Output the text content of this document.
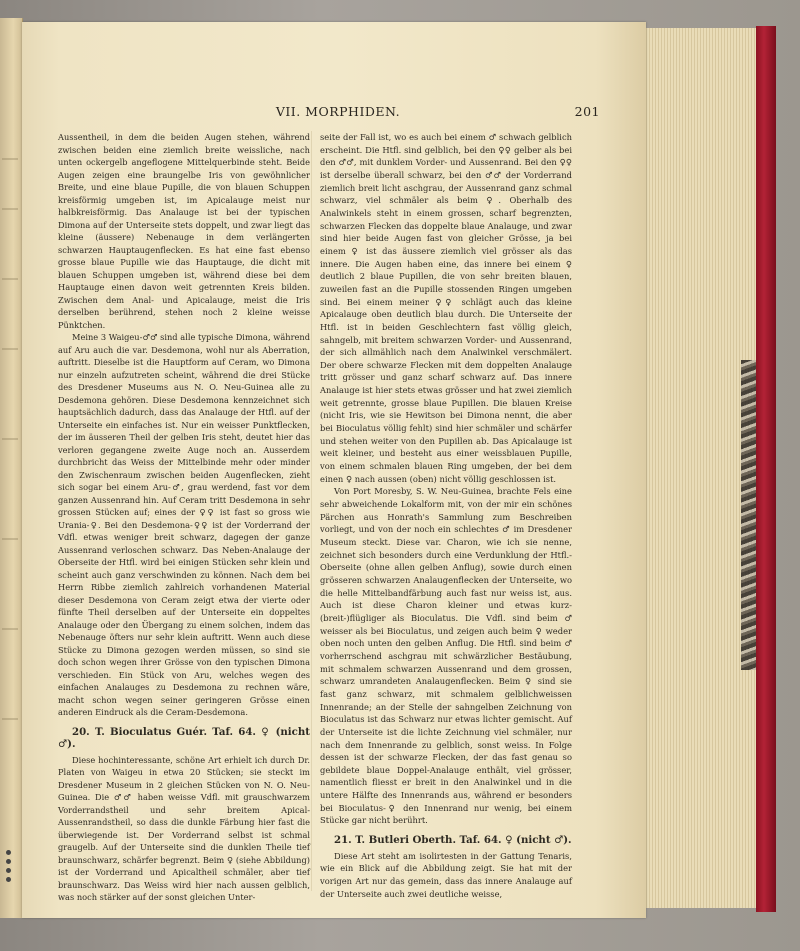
VII. MORPHIDEN.	201

Aussentheil, in dem die beiden Augen stehen, während zwischen beiden eine ziemlich breite weissliche, nach unten ockergelb angeflogene Mittelquerbinde steht. Beide Augen zeigen eine braungelbe Iris von gewöhnlicher Breite, und eine blaue Pupille, die von blauen Schuppen kreisförmig umgeben ist, im Apicalauge meist nur halbkreisförmig. Das Analauge ist bei der typischen Dimona auf der Unterseite stets doppelt, und zwar liegt das kleine (äussere) Nebenauge in dem verlängerten schwarzen Hauptaugenflecken. Es hat eine fast ebenso grosse blaue Pupille wie das Hauptauge, die dicht mit blauen Schuppen umgeben ist, während diese bei dem Hauptauge einen davon weit getrennten Kreis bilden. Zwischen dem Anal- und Apicalauge, meist die Iris derselben berührend, stehen noch 2 kleine weisse Pünktchen.

Meine 3 Waigeu-♂♂ sind alle typische Dimona, während auf Aru auch die var. Desdemona, wohl nur als Aberration, auftritt. Dieselbe ist die Hauptform auf Ceram, wo Dimona nur einzeln aufzutreten scheint, während die drei Stücke des Dresdener Museums aus N. O. Neu-Guinea alle zu Desdemona gehören. Diese Desdemona kennzeichnet sich hauptsächlich dadurch, dass das Analauge der Htfl. auf der Unterseite ein einfaches ist. Nur ein weisser Punktflecken, der im äusseren Theil der gelben Iris steht, deutet hier das verloren gegangene zweite Auge noch an. Ausserdem durchbricht das Weiss der Mittelbinde mehr oder minder den Zwischenraum zwischen beiden Augenflecken, zieht sich sogar bei einem Aru-♂, grau werdend, fast vor dem ganzen Aussenrand hin. Auf Ceram tritt Desdemona in sehr grossen Stücken auf; eines der ♀♀ ist fast so gross wie Urania-♀. Bei den Desdemona-♀♀ ist der Vorderrand der Vdfl. etwas weniger breit schwarz, dagegen der ganze Aussenrand verloschen schwarz. Das Neben-Analauge der Oberseite der Htfl. wird bei einigen Stücken sehr klein und scheint auch ganz verschwinden zu können. Nach dem bei Herrn Ribbe ziemlich zahlreich vorhandenen Material dieser Desdemona von Ceram zeigt etwa der vierte oder fünfte Theil derselben auf der Unterseite ein doppeltes Analauge oder den Übergang zu einem solchen, indem das Nebenauge öfters nur sehr klein auftritt. Wenn auch diese Stücke zu Dimona gezogen werden müssen, so sind sie doch schon wegen ihrer Grösse von den typischen Dimona verschieden. Ein Stück von Aru, welches wegen des einfachen Analauges zu Desdemona zu rechnen wäre, macht schon wegen seiner geringeren Grösse einen anderen Eindruck als die Ceram-Desdemona.

20. T. Bioculatus Guér. Taf. 64. ♀ (nicht ♂).

Diese hochinteressante, schöne Art erhielt ich durch Dr. Platen von Waigeu in etwa 20 Stücken; sie steckt im Dresdener Museum in 2 gleichen Stücken von N. O. Neu-Guinea. Die ♂♂ haben weisse Vdfl. mit grauschwarzem Vorderrandstheil und sehr breitem Apical-Aussenrandstheil, so dass die dunkle Färbung hier fast die überwiegende ist. Der Vorderrand selbst ist schmal graugelb. Auf der Unterseite sind die dunklen Theile tief braunschwarz, schärfer begrenzt. Beim ♀ (siehe Abbildung) ist der Vorderrand und Apicaltheil schmäler, aber tief braunschwarz. Das Weiss wird hier nach aussen gelblich, was noch stärker auf der sonst gleichen Unter-

seite der Fall ist, wo es auch bei einem ♂ schwach gelblich erscheint. Die Htfl. sind gelblich, bei den ♀♀ gelber als bei den ♂♂, mit dunklem Vorder- und Aussenrand. Bei den ♀♀ ist derselbe überall schwarz, bei den ♂♂ der Vorderrand ziemlich breit licht aschgrau, der Aussenrand ganz schmal schwarz, viel schmäler als beim ♀. Oberhalb des Analwinkels steht in einem grossen, scharf begrenzten, schwarzen Flecken das doppelte blaue Analauge, und zwar sind hier beide Augen fast von gleicher Grösse, ja bei einem ♀ ist das äussere ziemlich viel grösser als das innere. Die Augen haben eine, das innere bei einem ♀ deutlich 2 blaue Pupillen, die von sehr breiten blauen, zuweilen fast an die Pupille stossenden Ringen umgeben sind. Bei einem meiner ♀♀ schlägt auch das kleine Apicalauge oben deutlich blau durch. Die Unterseite der Htfl. ist in beiden Geschlechtern fast völlig gleich, sahngelb, mit breitem schwarzen Vorder- und Aussenrand, der sich allmählich nach dem Analwinkel verschmälert. Der obere schwarze Flecken mit dem doppelten Analauge tritt grösser und ganz scharf schwarz auf. Das innere Analauge ist hier stets etwas grösser und hat zwei ziemlich weit getrennte, grosse blaue Pupillen. Die blauen Kreise (nicht Iris, wie sie Hewitson bei Dimona nennt, die aber bei Bioculatus völlig fehlt) sind hier schmäler und schärfer und stehen weiter von den Pupillen ab. Das Apicalauge ist weit kleiner, und besteht aus einer weissblauen Pupille, von einem schmalen blauen Ring umgeben, der bei dem einen ♀ nach aussen (oben) nicht völlig geschlossen ist.

Von Port Moresby, S. W. Neu-Guinea, brachte Fels eine sehr abweichende Lokalform mit, von der mir ein schönes Pärchen aus Honrath's Sammlung zum Beschreiben vorliegt, und von der noch ein schlechtes ♂ im Dresdener Museum steckt. Diese var. Charon, wie ich sie nenne, zeichnet sich besonders durch eine Verdunklung der Htfl.-Oberseite (ohne allen gelben Anflug), sowie durch einen grösseren schwarzen Analaugenflecken der Unterseite, wo die helle Mittelbandfärbung auch fast nur weiss ist, aus. Auch ist diese Charon kleiner und etwas kurz-(breit-)flügliger als Bioculatus. Die Vdfl. sind beim ♂ weisser als bei Bioculatus, und zeigen auch beim ♀ weder oben noch unten den gelben Anflug. Die Htfl. sind beim ♂ vorherrschend aschgrau mit schwärzlicher Bestäubung, mit schmalem schwarzen Aussenrand und dem grossen, schwarz umrandeten Analaugenflecken. Beim ♀ sind sie fast ganz schwarz, mit schmalem gelblichweissen Innenrande; an der Stelle der sahngelben Zeichnung von Bioculatus ist das Schwarz nur etwas lichter gemischt. Auf der Unterseite ist die lichte Zeichnung viel schmäler, nur nach dem Innenrande zu gelblich, sonst weiss. In Folge dessen ist der schwarze Flecken, der das fast genau so gebildete blaue Doppel-Analauge enthält, viel grösser, namentlich fliesst er breit in den Analwinkel und in die untere Hälfte des Innenrands aus, während er besonders bei Bioculatus-♀ den Innenrand nur wenig, bei einem Stücke gar nicht berührt.

21. T. Butleri Oberth. Taf. 64. ♀ (nicht ♂).

Diese Art steht am isolirtesten in der Gattung Tenaris, wie ein Blick auf die Abbildung zeigt. Sie hat mit der vorigen Art nur das gemein, dass das innere Analauge auf der Unterseite auch zwei deutliche weisse,
